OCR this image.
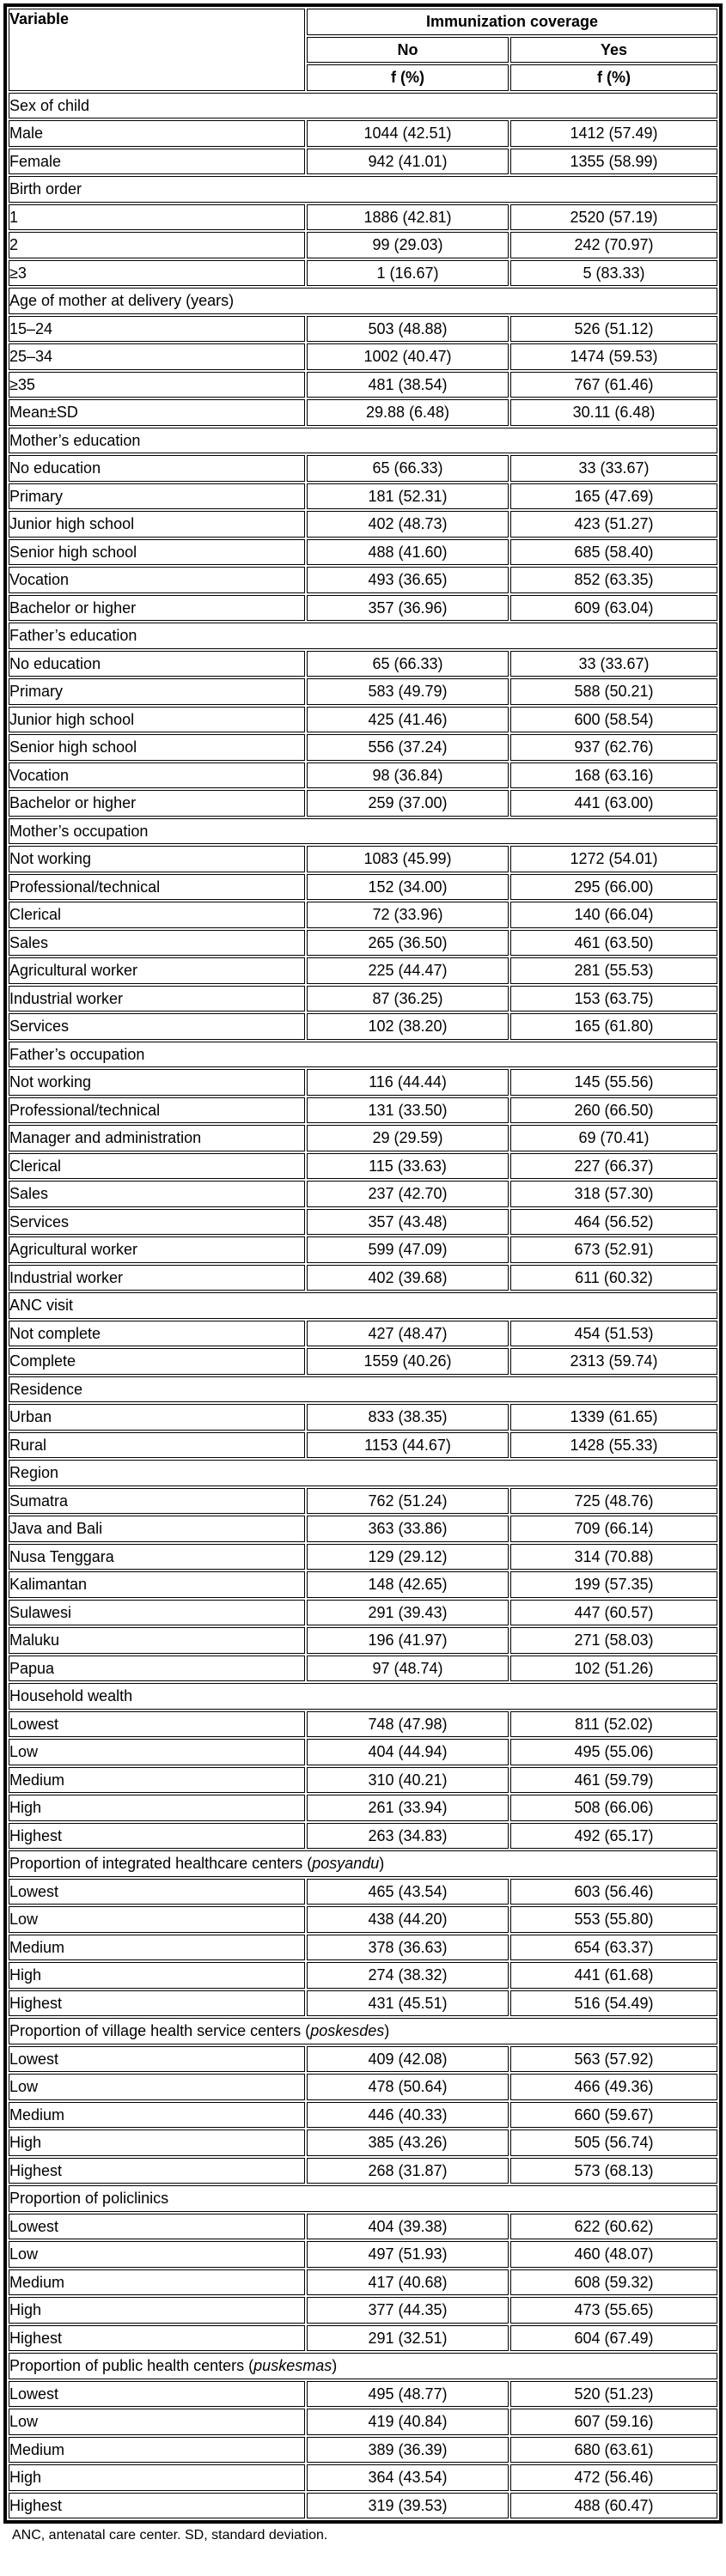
Variable	Immunization coverage	
	No	Yes
	f (%)	f (%)
Sex of child		
Male	1044 (42.51)	1412 (57.49)
Female	942 (41.01)	1355 (58.99)
Birth order		
1	1886 (42.81)	2520 (57.19)
2	99 (29.03)	242 (70.97)
≥3	1 (16.67)	5 (83.33)
Age of mother at delivery (years)		
15–24	503 (48.88)	526 (51.12)
25–34	1002 (40.47)	1474 (59.53)
≥35	481 (38.54)	767 (61.46)
Mean±SD	29.88 (6.48)	30.11 (6.48)
Mother’s education		
No education	65 (66.33)	33 (33.67)
Primary	181 (52.31)	165 (47.69)
Junior high school	402 (48.73)	423 (51.27)
Senior high school	488 (41.60)	685 (58.40)
Vocation	493 (36.65)	852 (63.35)
Bachelor or higher	357 (36.96)	609 (63.04)
Father’s education		
No education	65 (66.33)	33 (33.67)
Primary	583 (49.79)	588 (50.21)
Junior high school	425 (41.46)	600 (58.54)
Senior high school	556 (37.24)	937 (62.76)
Vocation	98 (36.84)	168 (63.16)
Bachelor or higher	259 (37.00)	441 (63.00)
Mother’s occupation		
Not working	1083 (45.99)	1272 (54.01)
Professional/technical	152 (34.00)	295 (66.00)
Clerical	72 (33.96)	140 (66.04)
Sales	265 (36.50)	461 (63.50)
Agricultural worker	225 (44.47)	281 (55.53)
Industrial worker	87 (36.25)	153 (63.75)
Services	102 (38.20)	165 (61.80)
Father’s occupation		
Not working	116 (44.44)	145 (55.56)
Professional/technical	131 (33.50)	260 (66.50)
Manager and administration	29 (29.59)	69 (70.41)
Clerical	115 (33.63)	227 (66.37)
Sales	237 (42.70)	318 (57.30)
Services	357 (43.48)	464 (56.52)
Agricultural worker	599 (47.09)	673 (52.91)
Industrial worker	402 (39.68)	611 (60.32)
ANC visit		
Not complete	427 (48.47)	454 (51.53)
Complete	1559 (40.26)	2313 (59.74)
Residence		
Urban	833 (38.35)	1339 (61.65)
Rural	1153 (44.67)	1428 (55.33)
Region		
Sumatra	762 (51.24)	725 (48.76)
Java and Bali	363 (33.86)	709 (66.14)
Nusa Tenggara	129 (29.12)	314 (70.88)
Kalimantan	148 (42.65)	199 (57.35)
Sulawesi	291 (39.43)	447 (60.57)
Maluku	196 (41.97)	271 (58.03)
Papua	97 (48.74)	102 (51.26)
Household wealth		
Lowest	748 (47.98)	811 (52.02)
Low	404 (44.94)	495 (55.06)
Medium	310 (40.21)	461 (59.79)
High	261 (33.94)	508 (66.06)
Highest	263 (34.83)	492 (65.17)
Proportion of integrated healthcare centers (posyandu)		
Lowest	465 (43.54)	603 (56.46)
Low	438 (44.20)	553 (55.80)
Medium	378 (36.63)	654 (63.37)
High	274 (38.32)	441 (61.68)
Highest	431 (45.51)	516 (54.49)
Proportion of village health service centers (poskesdes)		
Lowest	409 (42.08)	563 (57.92)
Low	478 (50.64)	466 (49.36)
Medium	446 (40.33)	660 (59.67)
High	385 (43.26)	505 (56.74)
Highest	268 (31.87)	573 (68.13)
Proportion of policlinics		
Lowest	404 (39.38)	622 (60.62)
Low	497 (51.93)	460 (48.07)
Medium	417 (40.68)	608 (59.32)
High	377 (44.35)	473 (55.65)
Highest	291 (32.51)	604 (67.49)
Proportion of public health centers (puskesmas)		
Lowest	495 (48.77)	520 (51.23)
Low	419 (40.84)	607 (59.16)
Medium	389 (36.39)	680 (63.61)
High	364 (43.54)	472 (56.46)
Highest	319 (39.53)	488 (60.47)
ANC, antenatal care center. SD, standard deviation.
